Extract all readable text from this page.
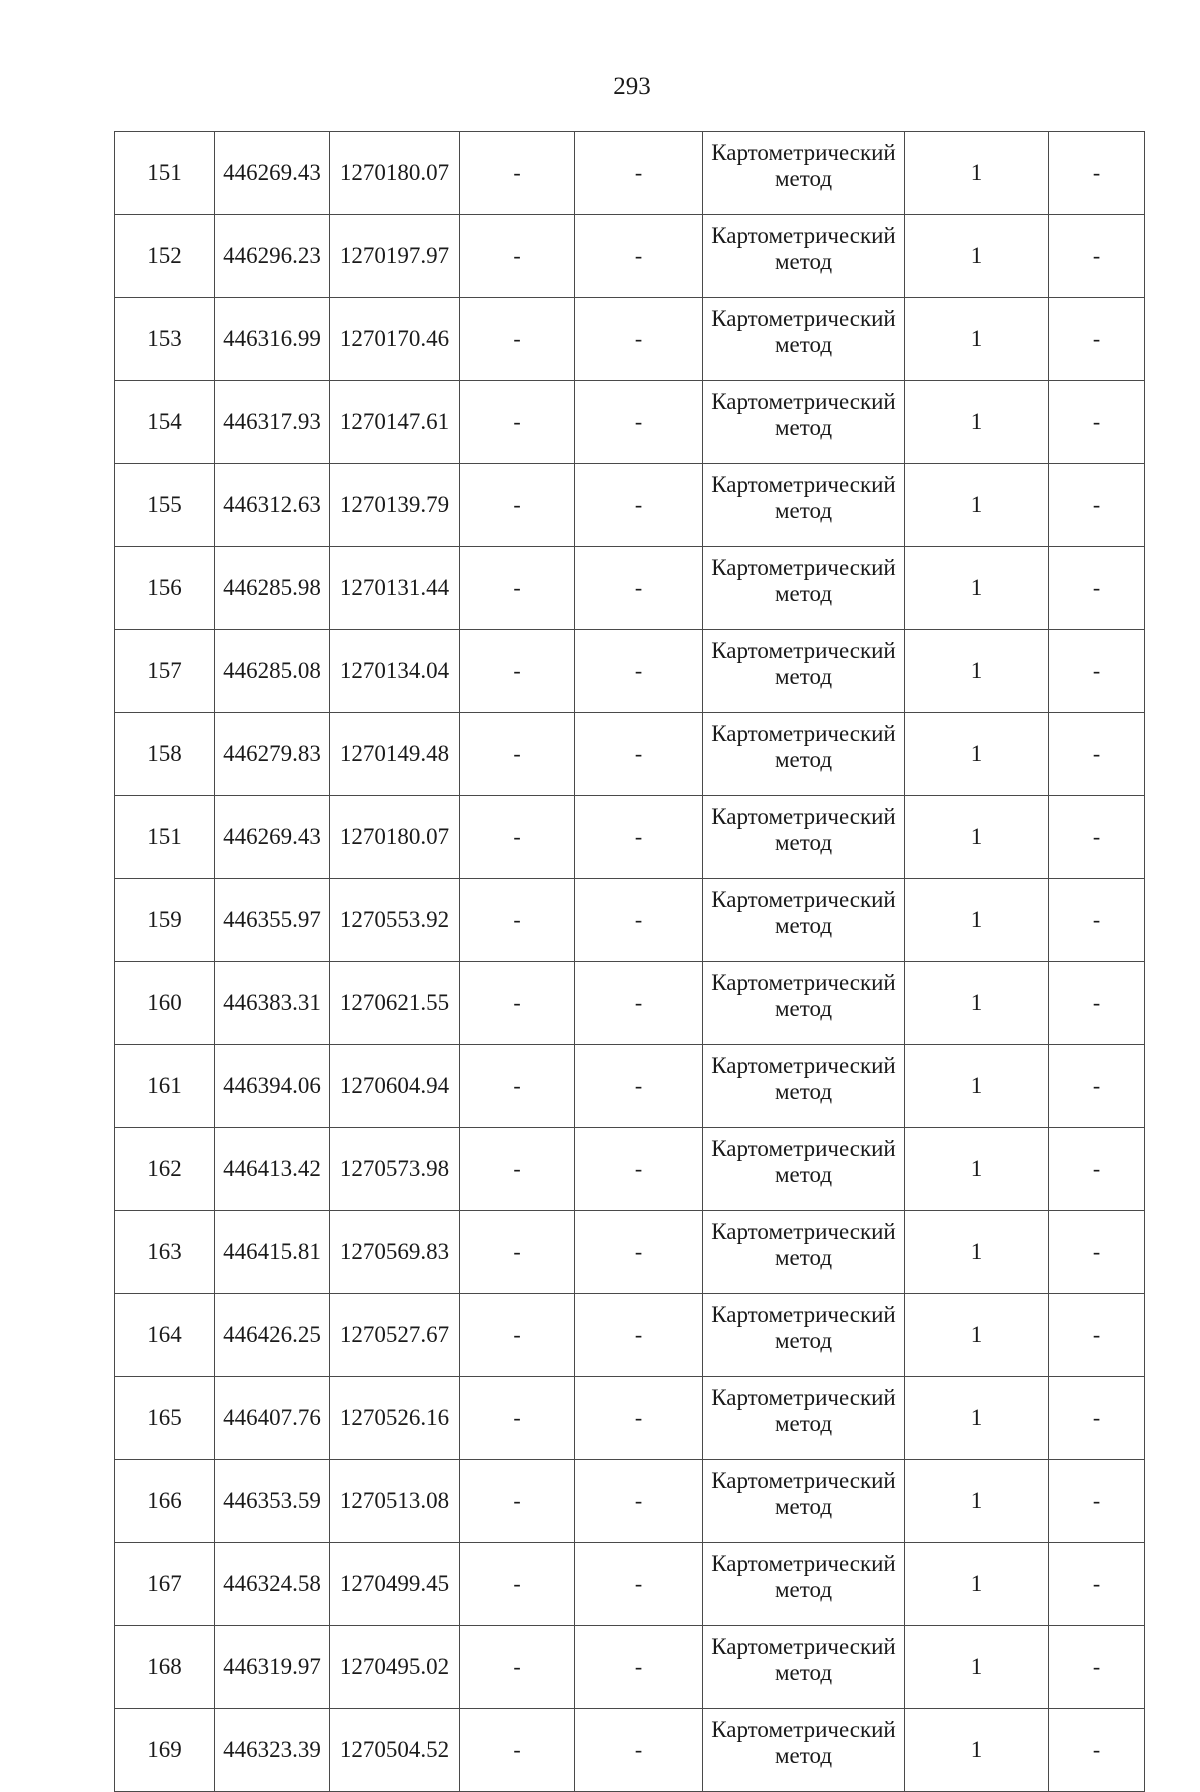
293
151	446269.43	1270180.07	-	-	Картометрический метод	1	-
152	446296.23	1270197.97	-	-	Картометрический метод	1	-
153	446316.99	1270170.46	-	-	Картометрический метод	1	-
154	446317.93	1270147.61	-	-	Картометрический метод	1	-
155	446312.63	1270139.79	-	-	Картометрический метод	1	-
156	446285.98	1270131.44	-	-	Картометрический метод	1	-
157	446285.08	1270134.04	-	-	Картометрический метод	1	-
158	446279.83	1270149.48	-	-	Картометрический метод	1	-
151	446269.43	1270180.07	-	-	Картометрический метод	1	-
159	446355.97	1270553.92	-	-	Картометрический метод	1	-
160	446383.31	1270621.55	-	-	Картометрический метод	1	-
161	446394.06	1270604.94	-	-	Картометрический метод	1	-
162	446413.42	1270573.98	-	-	Картометрический метод	1	-
163	446415.81	1270569.83	-	-	Картометрический метод	1	-
164	446426.25	1270527.67	-	-	Картометрический метод	1	-
165	446407.76	1270526.16	-	-	Картометрический метод	1	-
166	446353.59	1270513.08	-	-	Картометрический метод	1	-
167	446324.58	1270499.45	-	-	Картометрический метод	1	-
168	446319.97	1270495.02	-	-	Картометрический метод	1	-
169	446323.39	1270504.52	-	-	Картометрический метод	1	-
